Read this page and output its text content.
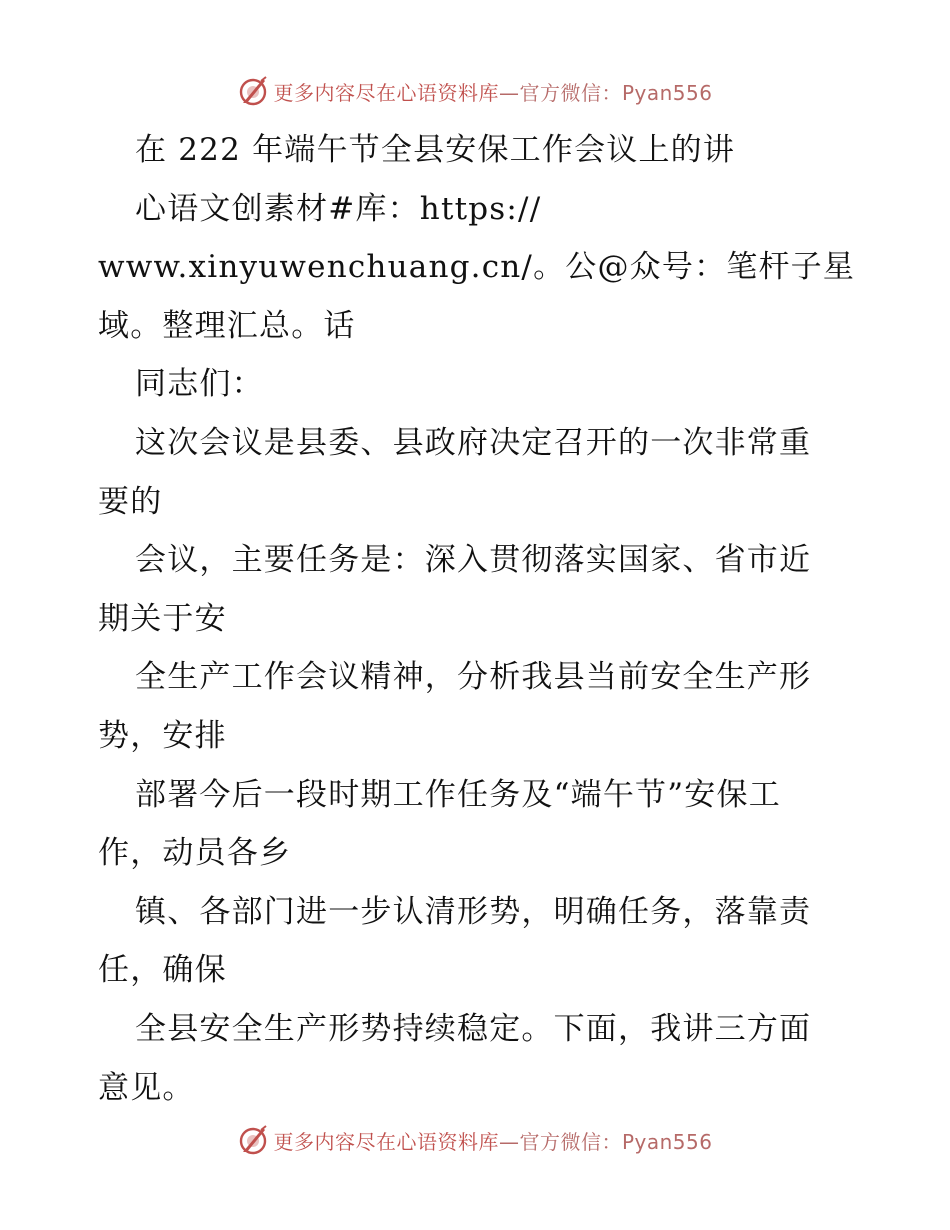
更多内容尽在心语资料库—官方微信：Pyan556
在 222 年端午节全县安保工作会议上的讲
心语文创素材#库：https://
www.xinyuwenchuang.cn/。公@众号：笔杆子星
域。整理汇总。话
同志们：
这次会议是县委、县政府决定召开的一次非常重
要的
会议，主要任务是：深入贯彻落实国家、省市近
期关于安
全生产工作会议精神，分析我县当前安全生产形
势，安排
部署今后一段时期工作任务及“端午节”安保工
作，动员各乡
镇、各部门进一步认清形势，明确任务，落靠责
任，确保
全县安全生产形势持续稳定。下面，我讲三方面
意见。
更多内容尽在心语资料库—官方微信：Pyan556
